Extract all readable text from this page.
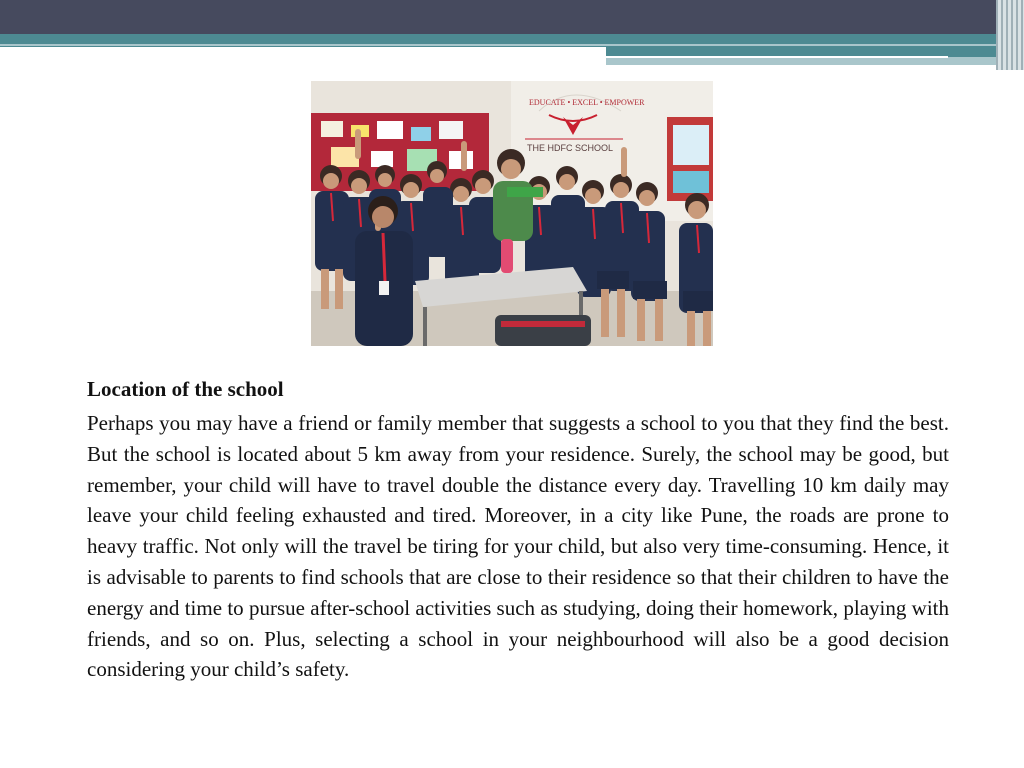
EDUCATE • EXCEL • EMPOWER
THE HDFC SCHOOL
Location of the school

Perhaps you may have a friend or family member that suggests a school to you that they find the best. But the school is located about 5 km away from your residence. Surely, the school may be good, but remember, your child will have to travel double the distance every day. Travelling 10 km daily may leave your child feeling exhausted and tired. Moreover, in a city like Pune, the roads are prone to heavy traffic. Not only will the travel be tiring for your child, but also very time-consuming. Hence, it is advisable to parents to find schools that are close to their residence so that their children to have the energy and time to pursue after-school activities such as studying, doing their homework, playing with friends, and so on. Plus, selecting a school in your neighbourhood will also be a good decision considering your child’s safety.
